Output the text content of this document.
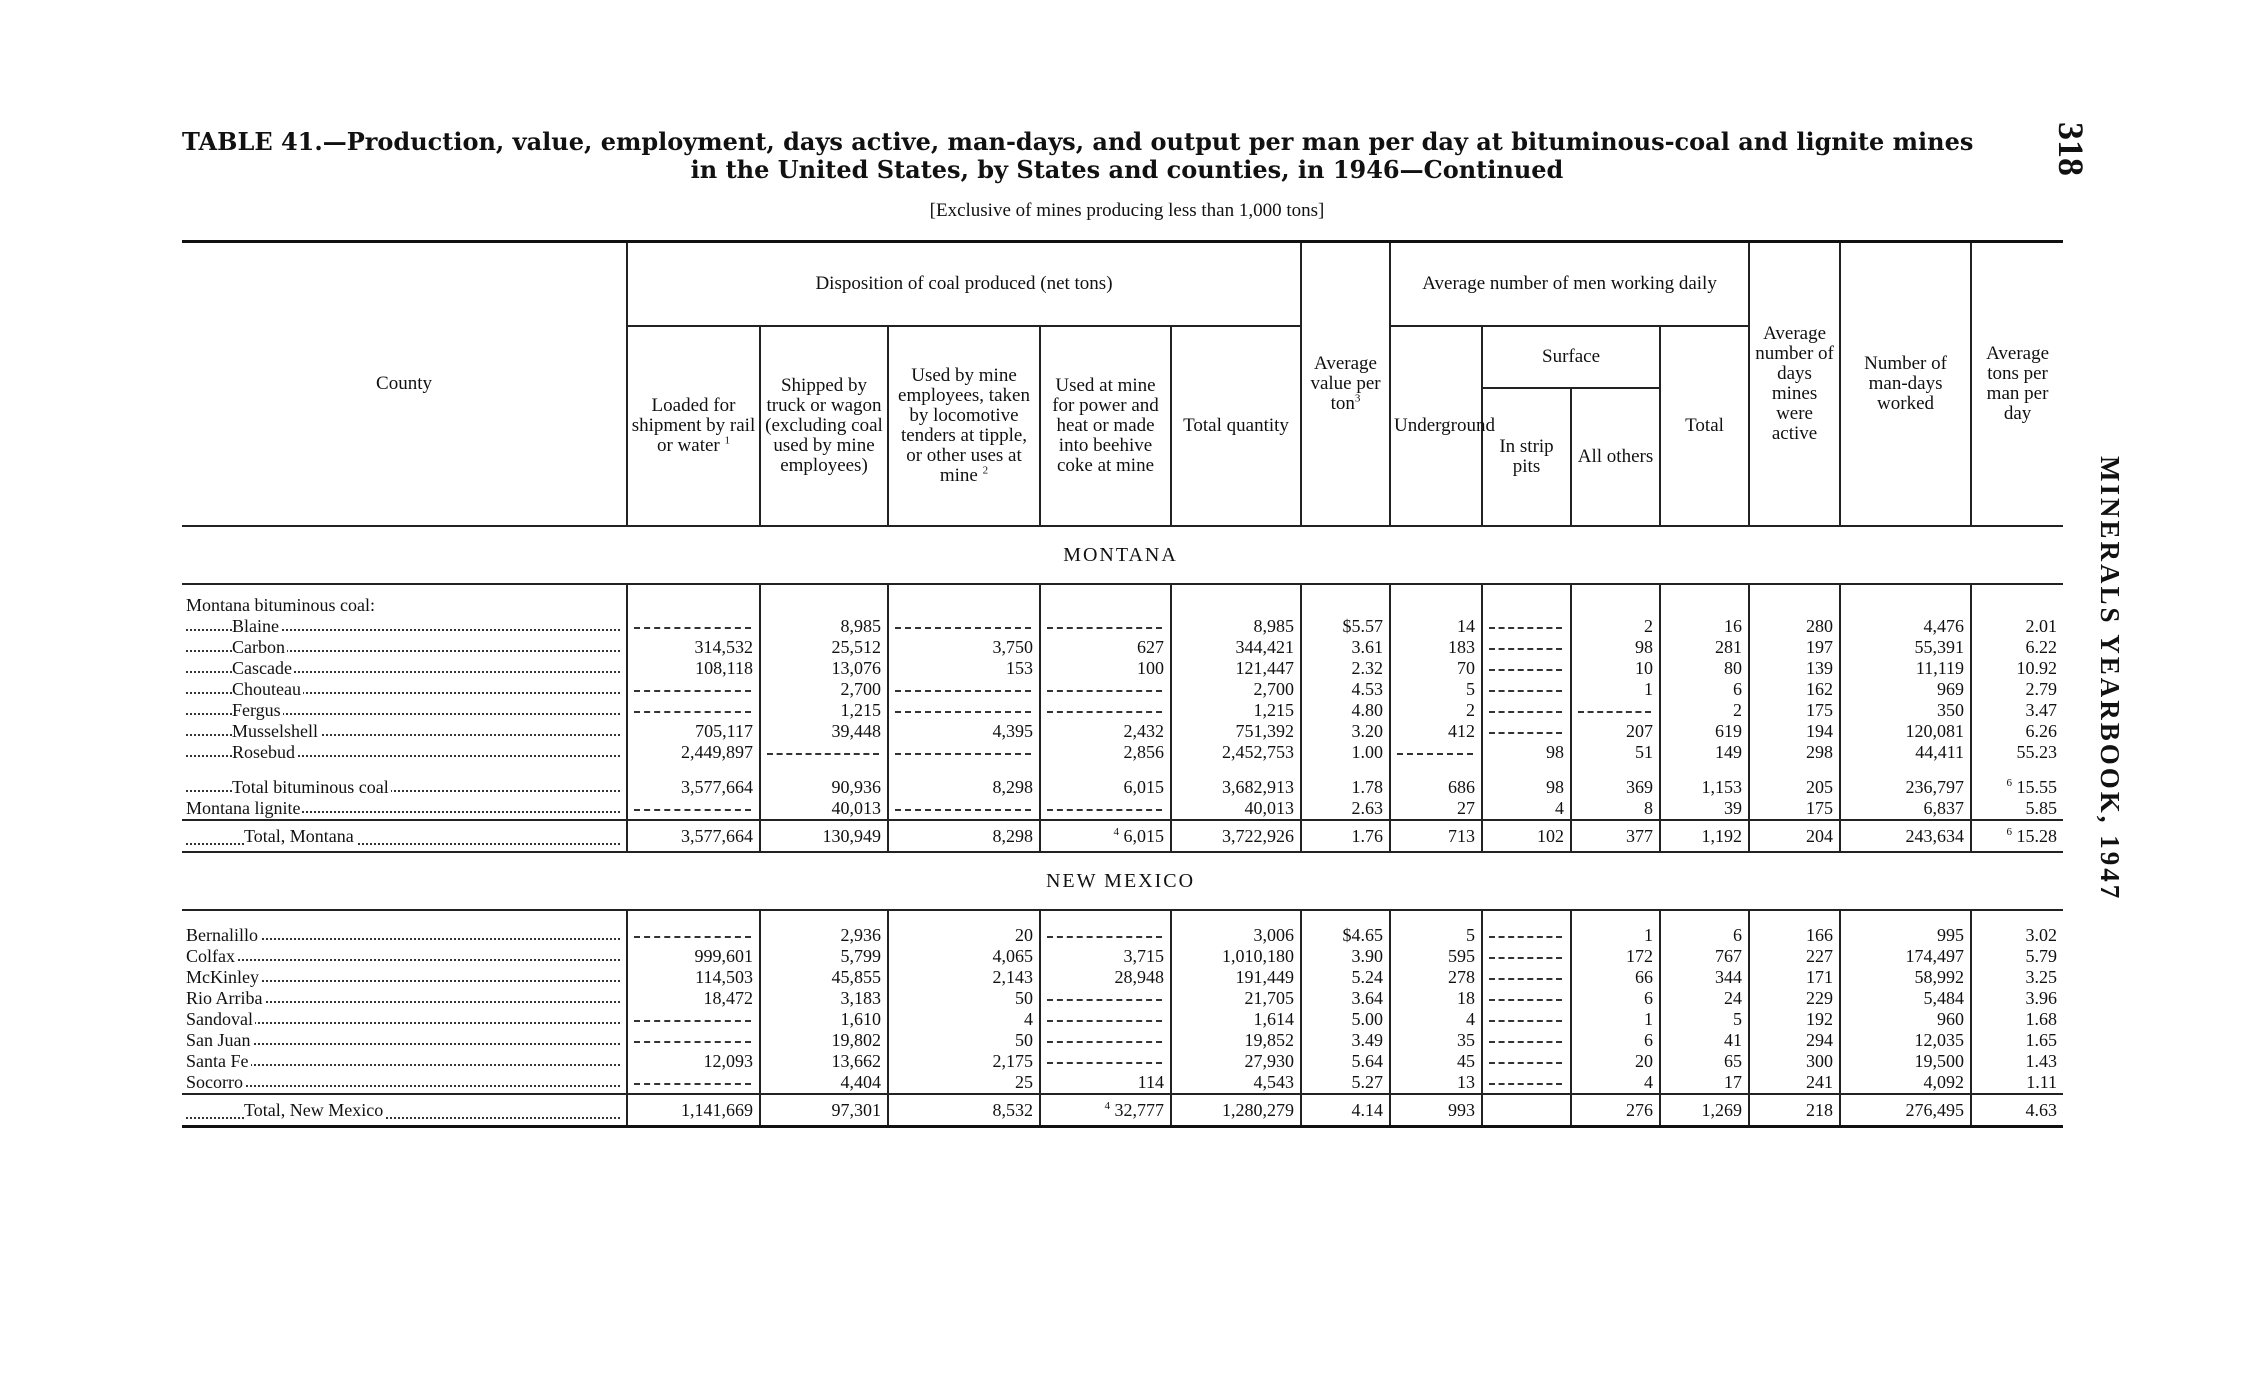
318
MINERALS YEARBOOK, 1947
TABLE 41.—Production, value, employment, days active, man-days, and output per man per day at bituminous-coal and lignite mines
in the United States, by States and counties, in 1946—Continued
[Exclusive of mines producing less than 1,000 tons]
County	Disposition of coal produced (net tons)					Average value per ton$^3$	Average number of men working daily				Average number of days mines were active	Number of man-days worked	Average tons per man per day
	Loaded for shipment by rail or water $^1$	Shipped by truck or wagon (excluding coal used by mine employees)	Used by mine employees, taken by locomotive tenders at tipple, or other uses at mine $^2$	Used at mine for power and heat or made into beehive coke at mine	Total quantity		Underground	Surface		Total			
								In strip pits	All others				
MONTANA													

Montana bituminous coal:													
Blaine		8,985			8,985	$5.57	14		2	16	280	4,476	2.01
Carbon	314,532	25,512	3,750	627	344,421	3.61	183		98	281	197	55,391	6.22
Cascade	108,118	13,076	153	100	121,447	2.32	70		10	80	139	11,119	10.92
Chouteau		2,700			2,700	4.53	5		1	6	162	969	2.79
Fergus		1,215			1,215	4.80	2			2	175	350	3.47
Musselshell	705,117	39,448	4,395	2,432	751,392	3.20	412		207	619	194	120,081	6.26
Rosebud	2,449,897			2,856	2,452,753	1.00		98	51	149	298	44,411	55.23

Total bituminous coal	3,577,664	90,936	8,298	6,015	3,682,913	1.78	686	98	369	1,153	205	236,797	$^6$ 15.55
Montana lignite		40,013			40,013	2.63	27	4	8	39	175	6,837	5.85
Total, Montana	3,577,664	130,949	8,298	$^4$ 6,015	3,722,926	1.76	713	102	377	1,192	204	243,634	$^6$ 15.28
NEW MEXICO													

Bernalillo		2,936	20		3,006	$4.65	5		1	6	166	995	3.02
Colfax	999,601	5,799	4,065	3,715	1,010,180	3.90	595		172	767	227	174,497	5.79
McKinley	114,503	45,855	2,143	28,948	191,449	5.24	278		66	344	171	58,992	3.25
Rio Arriba	18,472	3,183	50		21,705	3.64	18		6	24	229	5,484	3.96
Sandoval		1,610	4		1,614	5.00	4		1	5	192	960	1.68
San Juan		19,802	50		19,852	3.49	35		6	41	294	12,035	1.65
Santa Fe	12,093	13,662	2,175		27,930	5.64	45		20	65	300	19,500	1.43
Socorro		4,404	25	114	4,543	5.27	13		4	17	241	4,092	1.11
Total, New Mexico	1,141,669	97,301	8,532	$^4$ 32,777	1,280,279	4.14	993		276	1,269	218	276,495	4.63
